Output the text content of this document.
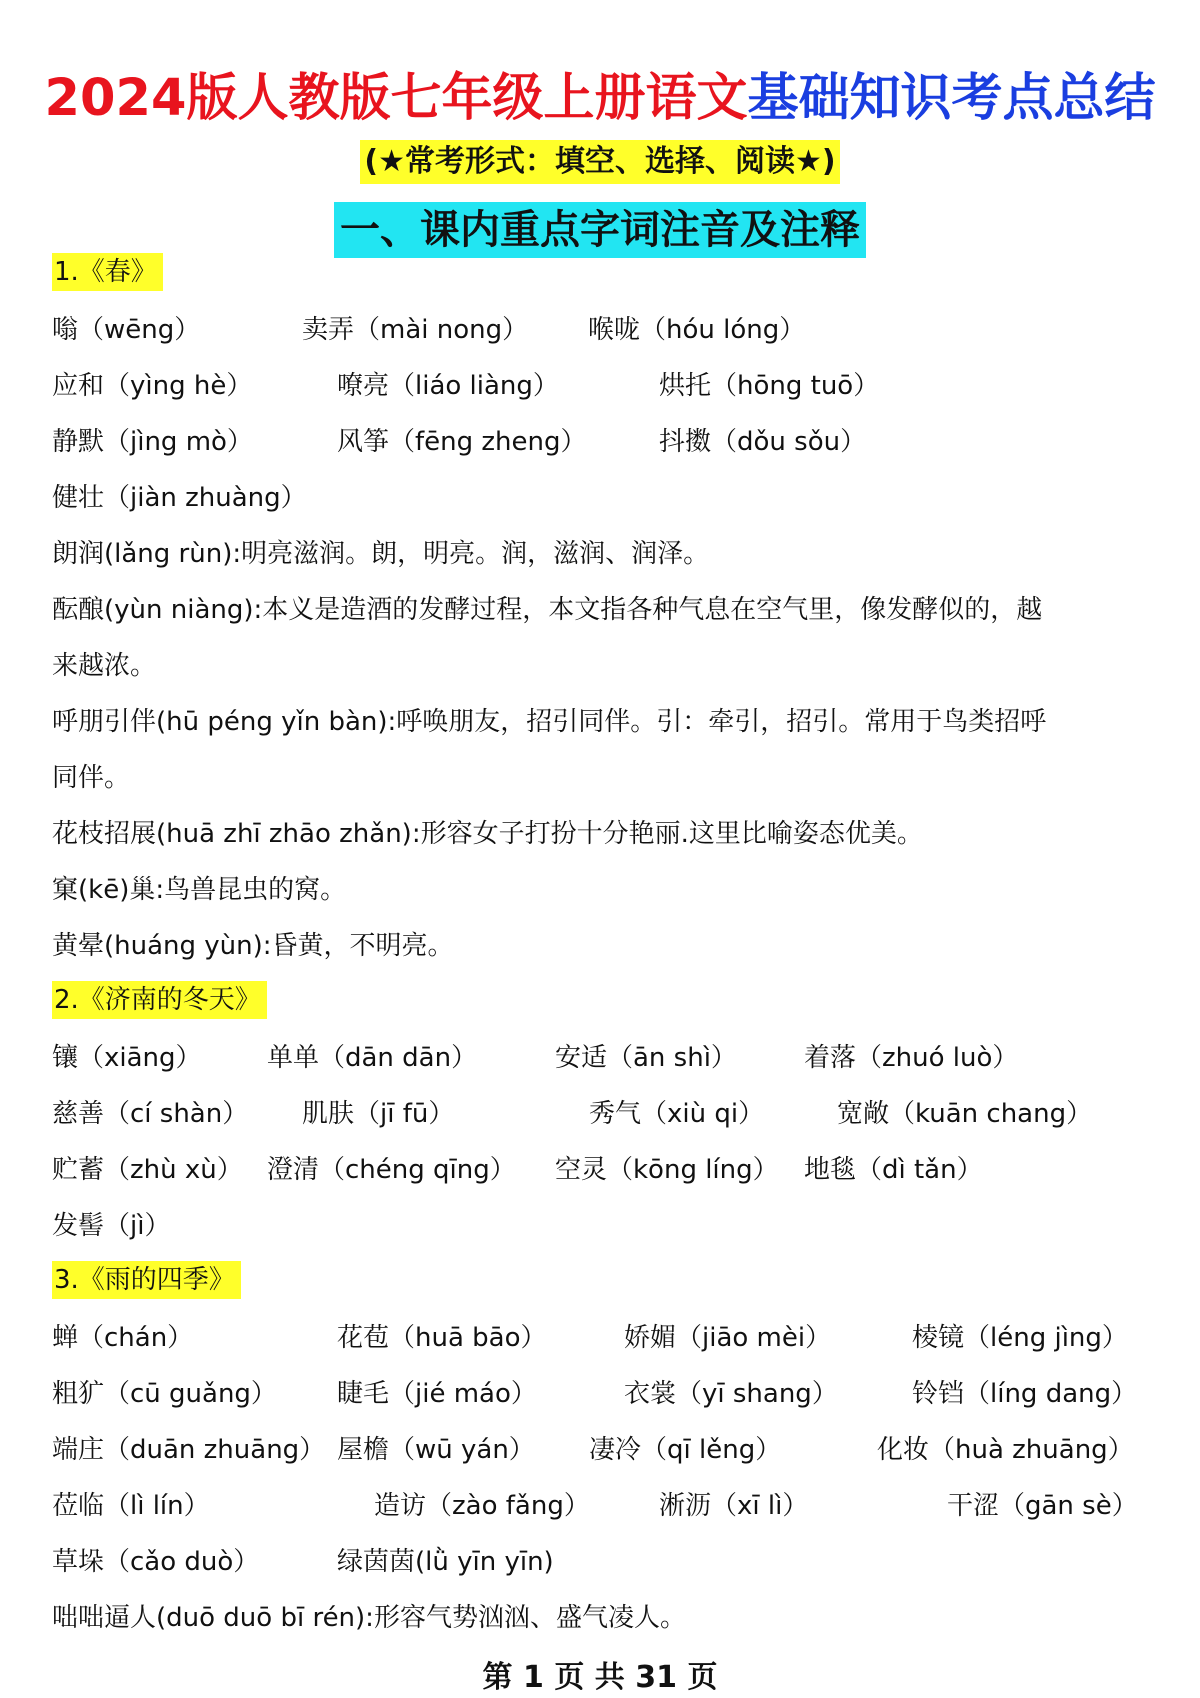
2024版人教版七年级上册语文基础知识考点总结
(★常考形式：填空、选择、阅读★)
一、课内重点字词注音及注释
1.《春》
嗡（wēng）	卖弄（mài nong） 喉咙（hóu lóng）
应和（yìng hè）	嘹亮（liáo liàng）	烘托（hōng tuō）
静默（jìng mò）	风筝（fēng zheng）	抖擞（dǒu sǒu）
健壮（jiàn zhuàng）
朗润(lǎng rùn):明亮滋润。朗，明亮。润，滋润、润泽。
酝酿(yùn niàng):本义是造酒的发酵过程，本文指各种气息在空气里，像发酵似的，越
来越浓。
呼朋引伴(hū péng yǐn bàn):呼唤朋友，招引同伴。引：牵引，招引。常用于鸟类招呼
同伴。
花枝招展(huā zhī zhāo zhǎn):形容女子打扮十分艳丽.这里比喻姿态优美。
窠(kē)巢:鸟兽昆虫的窝。
黄晕(huáng yùn):昏黄，不明亮。
2.《济南的冬天》
镶（xiāng）	单单（dān dān）	安适（ān shì）	着落（zhuó luò）
慈善（cí shàn） 肌肤（jī fū）	秀气（xiù qi）	宽敞（kuān chang）
贮蓄（zhù xù） 澄清（chéng qīng） 空灵（kōng líng） 地毯（dì tǎn）
发髻（jì）
3.《雨的四季》
蝉（chán）	花苞（huā bāo）	娇媚（jiāo mèi）	棱镜（léng jìng）
粗犷（cū guǎng） 睫毛（jié máo）	衣裳（yī shang）	铃铛（líng dang）
端庄（duān zhuāng） 屋檐（wū yán） 凄冷（qī lěng）	化妆（huà zhuāng）
莅临（lì lín）	造访（zào fǎng）	淅沥（xī lì）	干涩（gān sè）
草垛（cǎo duò）	绿茵茵(lǜ yīn yīn)
咄咄逼人(duō duō bī rén):形容气势汹汹、盛气凌人。
第 1 页 共 31 页
